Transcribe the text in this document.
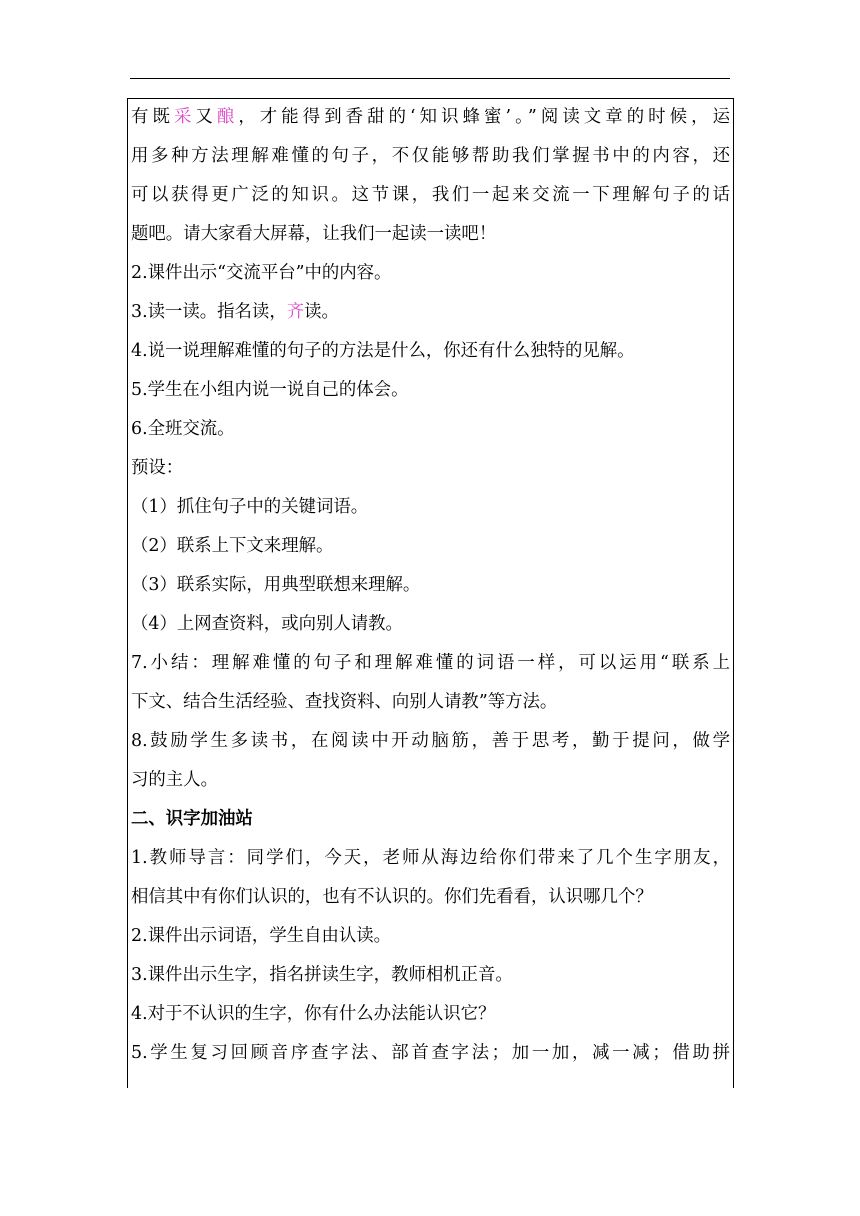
有既采又酿，才能得到香甜的‘知识蜂蜜’。”阅读文章的时候，运
用多种方法理解难懂的句子，不仅能够帮助我们掌握书中的内容，还
可以获得更广泛的知识。这节课，我们一起来交流一下理解句子的话
题吧。请大家看大屏幕，让我们一起读一读吧！
2.课件出示“交流平台”中的内容。
3.读一读。指名读，齐读。
4.说一说理解难懂的句子的方法是什么，你还有什么独特的见解。
5.学生在小组内说一说自己的体会。
6.全班交流。
预设：
（1）抓住句子中的关键词语。
（2）联系上下文来理解。
（3）联系实际，用典型联想来理解。
（4）上网查资料，或向别人请教。
7.小结：理解难懂的句子和理解难懂的词语一样，可以运用“联系上
下文、结合生活经验、查找资料、向别人请教”等方法。
8.鼓励学生多读书，在阅读中开动脑筋，善于思考，勤于提问，做学
习的主人。
二、识字加油站
1.教师导言：同学们，今天，老师从海边给你们带来了几个生字朋友，
相信其中有你们认识的，也有不认识的。你们先看看，认识哪几个？
2.课件出示词语，学生自由认读。
3.课件出示生字，指名拼读生字，教师相机正音。
4.对于不认识的生字，你有什么办法能认识它？
5.学生复习回顾音序查字法、部首查字法；加一加，减一减；借助拼
